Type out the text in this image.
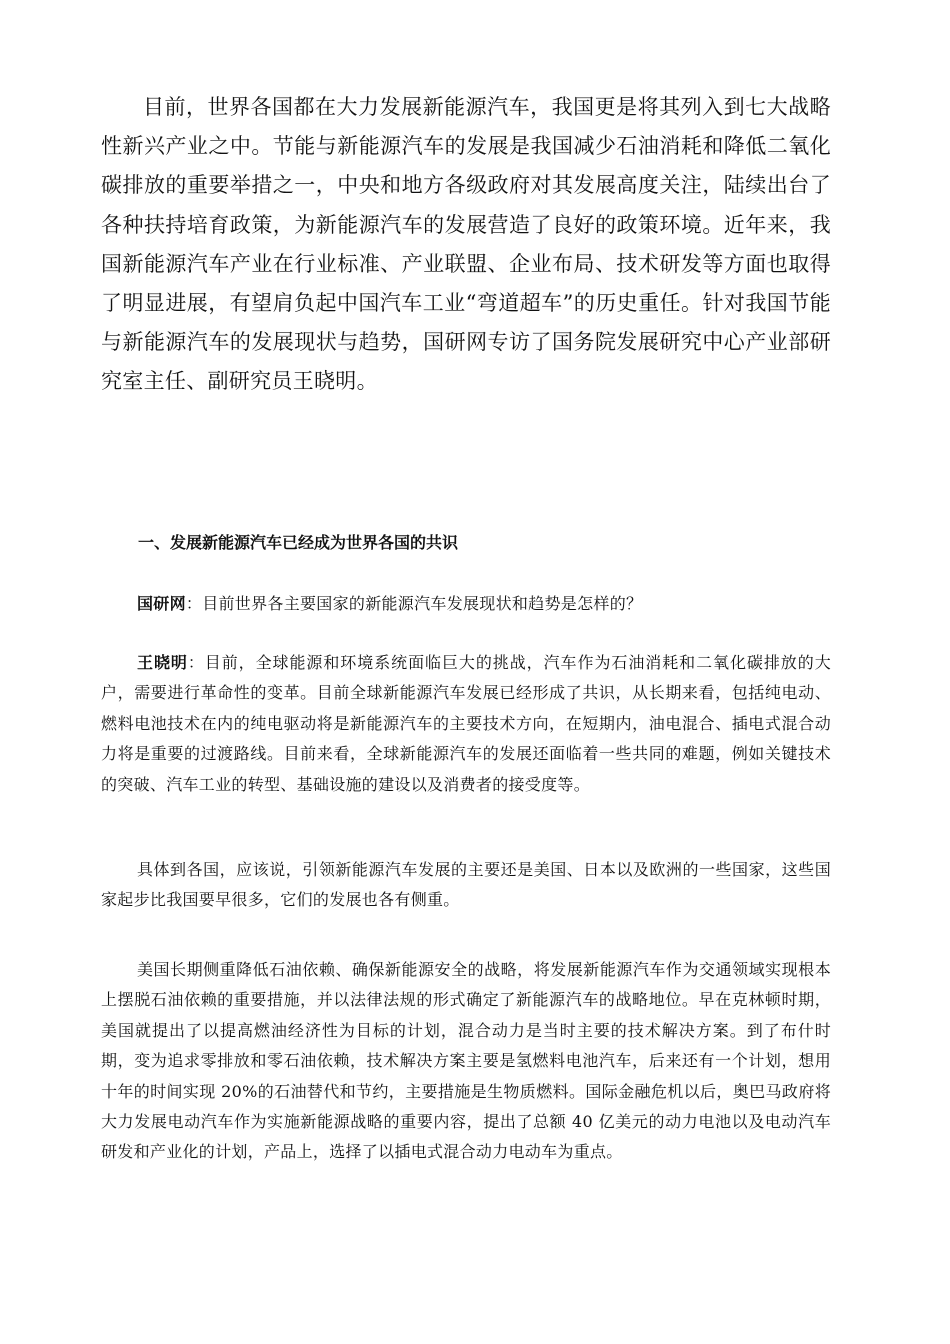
目前，世界各国都在大力发展新能源汽车，我国更是将其列入到七大战略性新兴产业之中。节能与新能源汽车的发展是我国减少石油消耗和降低二氧化碳排放的重要举措之一，中央和地方各级政府对其发展高度关注，陆续出台了各种扶持培育政策，为新能源汽车的发展营造了良好的政策环境。近年来，我国新能源汽车产业在行业标准、产业联盟、企业布局、技术研发等方面也取得了明显进展，有望肩负起中国汽车工业“弯道超车”的历史重任。针对我国节能与新能源汽车的发展现状与趋势，国研网专访了国务院发展研究中心产业部研究室主任、副研究员王晓明。

一、发展新能源汽车已经成为世界各国的共识

国研网：目前世界各主要国家的新能源汽车发展现状和趋势是怎样的？

王晓明：目前，全球能源和环境系统面临巨大的挑战，汽车作为石油消耗和二氧化碳排放的大户，需要进行革命性的变革。目前全球新能源汽车发展已经形成了共识，从长期来看，包括纯电动、燃料电池技术在内的纯电驱动将是新能源汽车的主要技术方向，在短期内，油电混合、插电式混合动力将是重要的过渡路线。目前来看，全球新能源汽车的发展还面临着一些共同的难题，例如关键技术的突破、汽车工业的转型、基础设施的建设以及消费者的接受度等。

具体到各国，应该说，引领新能源汽车发展的主要还是美国、日本以及欧洲的一些国家，这些国家起步比我国要早很多，它们的发展也各有侧重。

美国长期侧重降低石油依赖、确保新能源安全的战略，将发展新能源汽车作为交通领域实现根本上摆脱石油依赖的重要措施，并以法律法规的形式确定了新能源汽车的战略地位。早在克林顿时期，美国就提出了以提高燃油经济性为目标的计划，混合动力是当时主要的技术解决方案。到了布什时期，变为追求零排放和零石油依赖，技术解决方案主要是氢燃料电池汽车，后来还有一个计划，想用十年的时间实现 20%的石油替代和节约，主要措施是生物质燃料。国际金融危机以后，奥巴马政府将大力发展电动汽车作为实施新能源战略的重要内容，提出了总额 40 亿美元的动力电池以及电动汽车研发和产业化的计划，产品上，选择了以插电式混合动力电动车为重点。
